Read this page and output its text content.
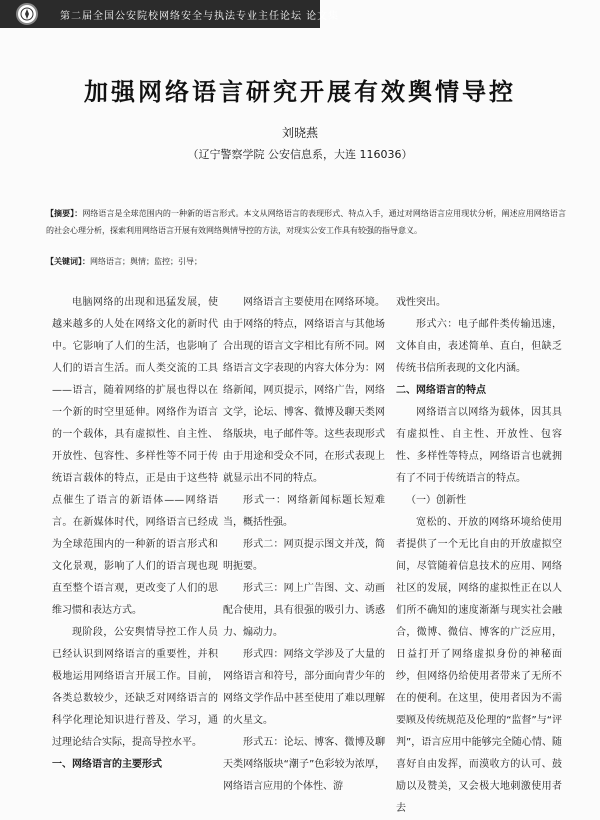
第二届全国公安院校网络安全与执法专业主任论坛 论文集
加强网络语言研究开展有效舆情导控
刘晓燕
（辽宁警察学院 公安信息系，大连 116036）

【摘要】：网络语言是全球范围内的一种新的语言形式。本文从网络语言的表现形式、特点入手，通过对网络语言应用现状分析，阐述应用网络语言的社会心理分析，探索利用网络语言开展有效网络舆情导控的方法，对现实公安工作具有较强的指导意义。

【关键词】：网络语言；舆情；监控；引导；

电脑网络的出现和迅猛发展，使越来越多的人处在网络文化的新时代中。它影响了人们的生活，也影响了人们的语言生活。而人类交流的工具——语言，随着网络的扩展也得以在一个新的时空里延伸。网络作为语言的一个载体，具有虚拟性、自主性、开放性、包容性、多样性等不同于传统语言载体的特点，正是由于这些特点催生了语言的新语体——网络语言。在新媒体时代，网络语言已经成为全球范围内的一种新的语言形式和文化景观，影响了人们的语言现也现直至整个语言观，更改变了人们的思维习惯和表达方式。

现阶段，公安舆情导控工作人员已经认识到网络语言的重要性，并积极地运用网络语言开展工作。目前，各类总数较少，还缺乏对网络语言的科学化理论知识进行普及、学习，通过理论结合实际，提高导控水平。

一、网络语言的主要形式

网络语言主要使用在网络环境。由于网络的特点，网络语言与其他场合出现的语言文字相比有所不同。网络语言文字表现的内容大体分为：网络新闻，网页提示，网络广告，网络文学，论坛、博客、微博及聊天类网络版块，电子邮件等。这些表现形式由于用途和受众不同，在形式表现上就显示出不同的特点。

形式一：网络新闻标题长短难当，概括性强。

形式二：网页提示图文并茂，简明扼要。

形式三：网上广告图、文、动画配合使用，具有很强的吸引力、诱惑力、煽动力。

形式四：网络文学涉及了大量的网络语言和符号，部分面向青少年的网络文学作品中甚至使用了难以理解的火星文。

形式五：论坛、博客、微博及聊天类网络版块“潮子”色彩较为浓厚，网络语言应用的个体性、游

戏性突出。

形式六：电子邮件类传输迅速，文体自由，表述简单、直白，但缺乏传统书信所表现的文化内涵。

二、网络语言的特点

网络语言以网络为载体，因其具有虚拟性、自主性、开放性、包容性、多样性等特点，网络语言也就拥有了不同于传统语言的特点。

（一）创新性

宽松的、开放的网络环境给使用者提供了一个无比自由的开放虚拟空间，尽管随着信息技术的应用、网络社区的发展，网络的虚拟性正在以人们所不确知的速度渐渐与现实社会融合，微博、微信、博客的广泛应用，日益打开了网络虚拟身份的神秘面纱，但网络仍给使用者带来了无所不在的便利。在这里，使用者因为不需要顾及传统规范及伦理的“监督”与“评判”，语言应用中能够完全随心情、随喜好自由发挥，而漠收方的认可、鼓励以及赞美，又会极大地刺激使用者去
